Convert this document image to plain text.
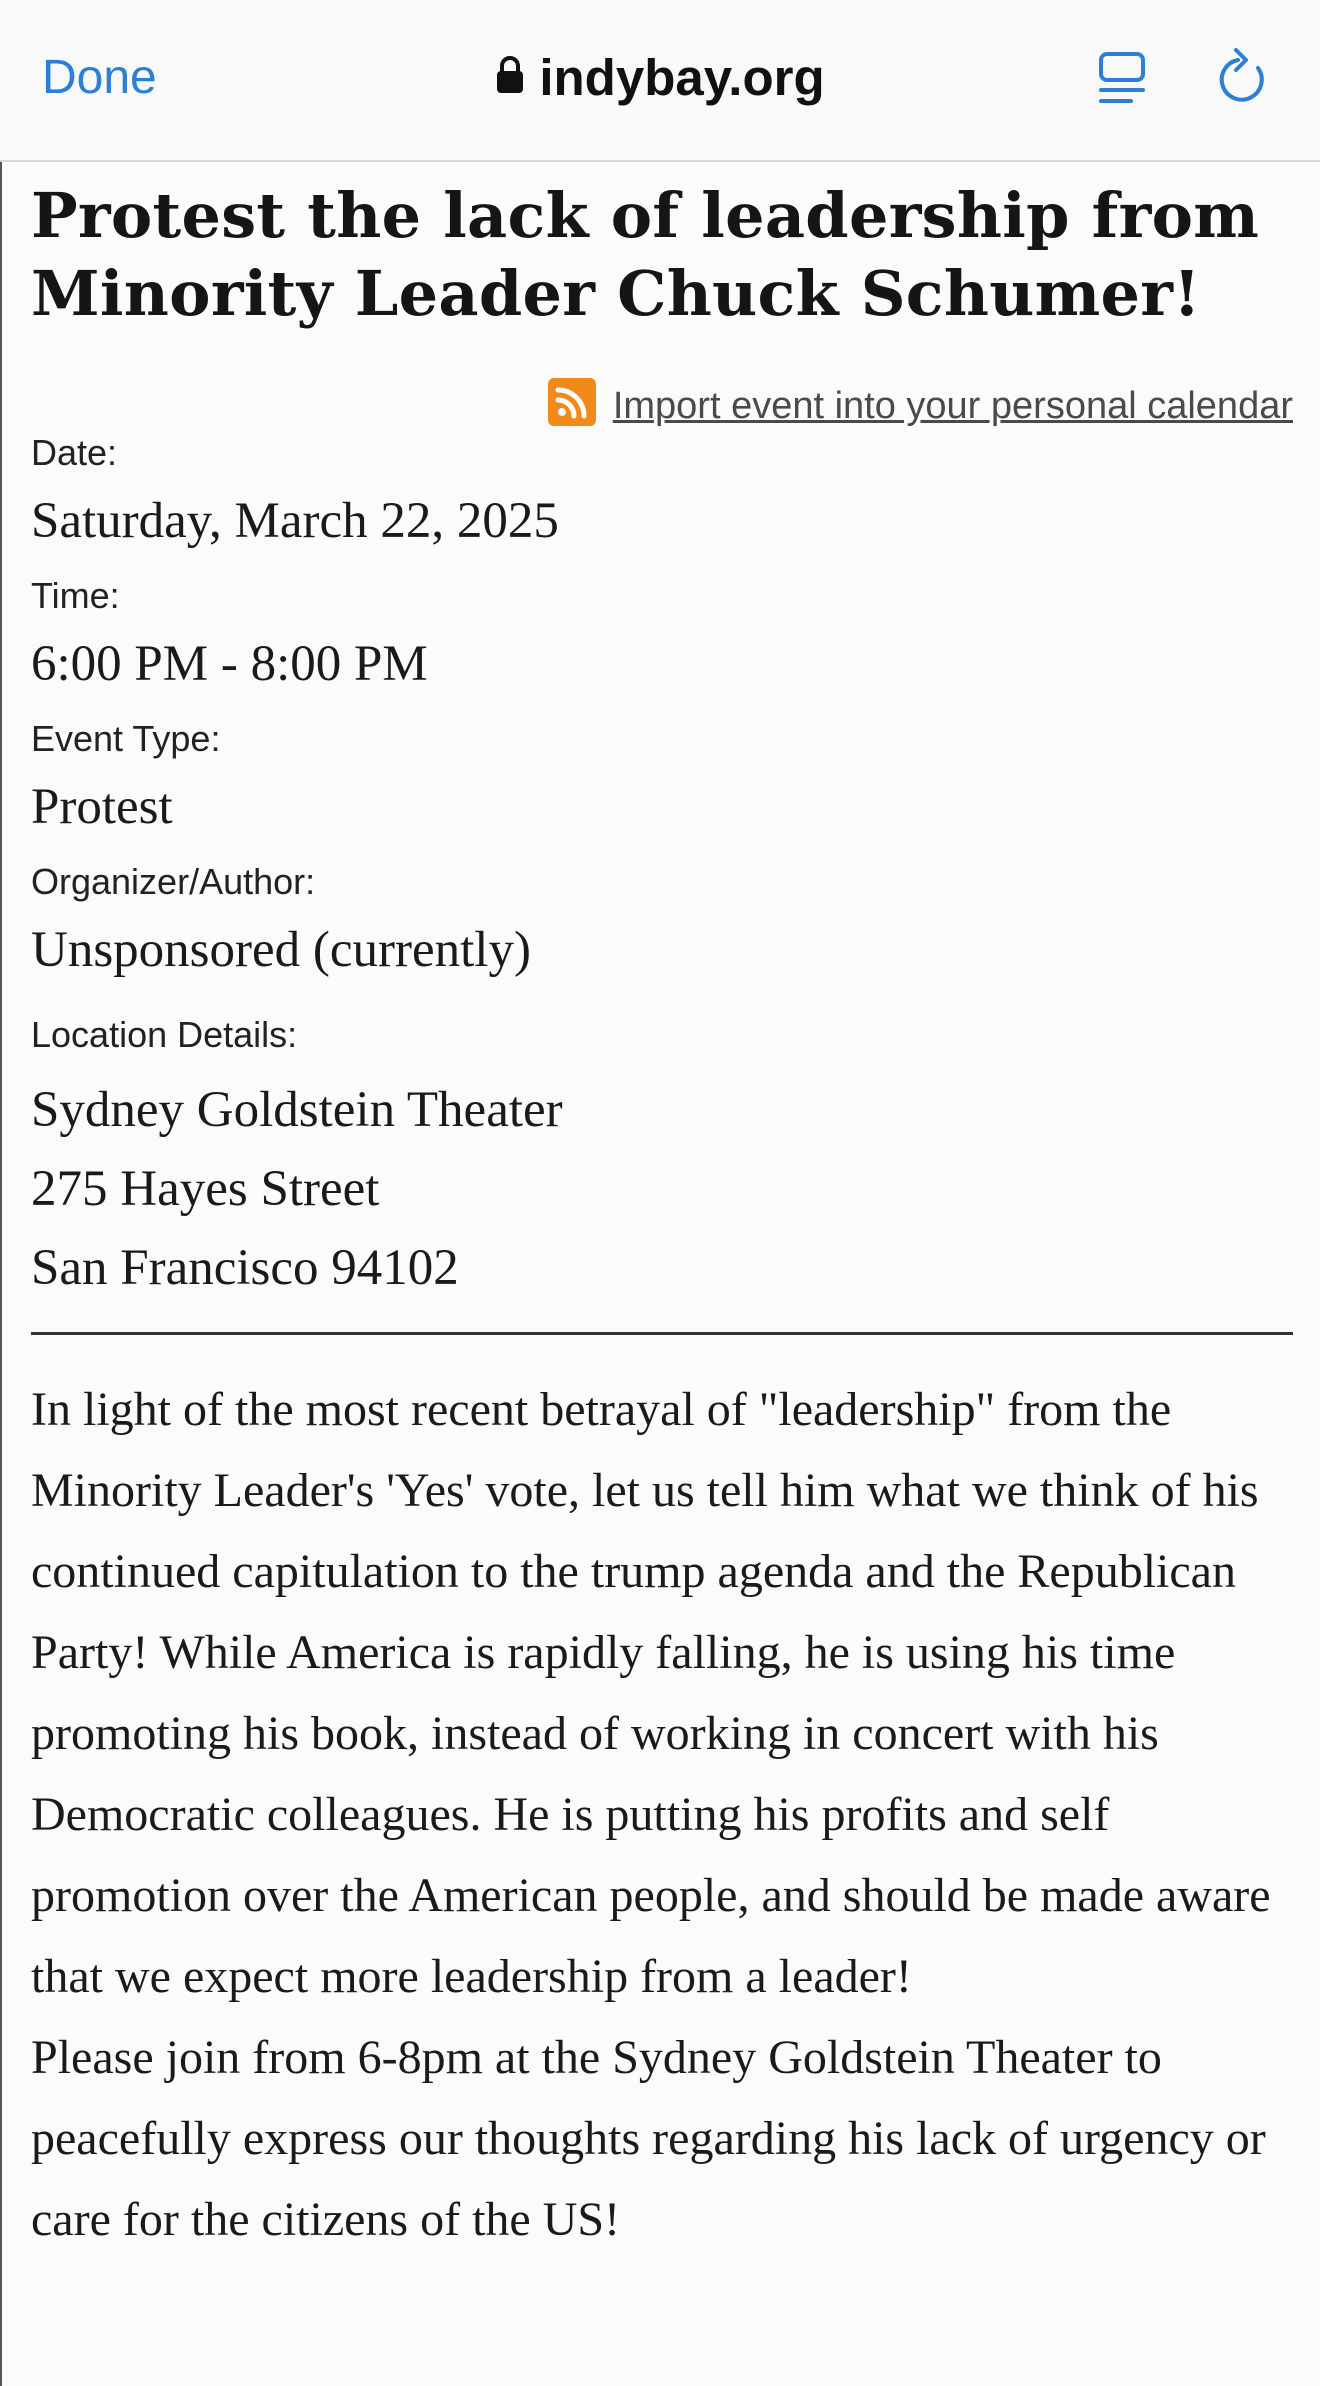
Done	indybay.org
Protest the lack of leadership from Minority Leader Chuck Schumer!
Import event into your personal calendar
Date:
Saturday, March 22, 2025
Time:
6:00 PM - 8:00 PM
Event Type:
Protest
Organizer/Author:
Unsponsored (currently)
Location Details:
Sydney Goldstein Theater
275 Hayes Street
San Francisco 94102

In light of the most recent betrayal of "leadership" from the Minority Leader's 'Yes' vote, let us tell him what we think of his continued capitulation to the trump agenda and the Republican Party! While America is rapidly falling, he is using his time promoting his book, instead of working in concert with his Democratic colleagues. He is putting his profits and self promotion over the American people, and should be made aware that we expect more leadership from a leader!

Please join from 6-8pm at the Sydney Goldstein Theater to peacefully express our thoughts regarding his lack of urgency or care for the citizens of the US!
